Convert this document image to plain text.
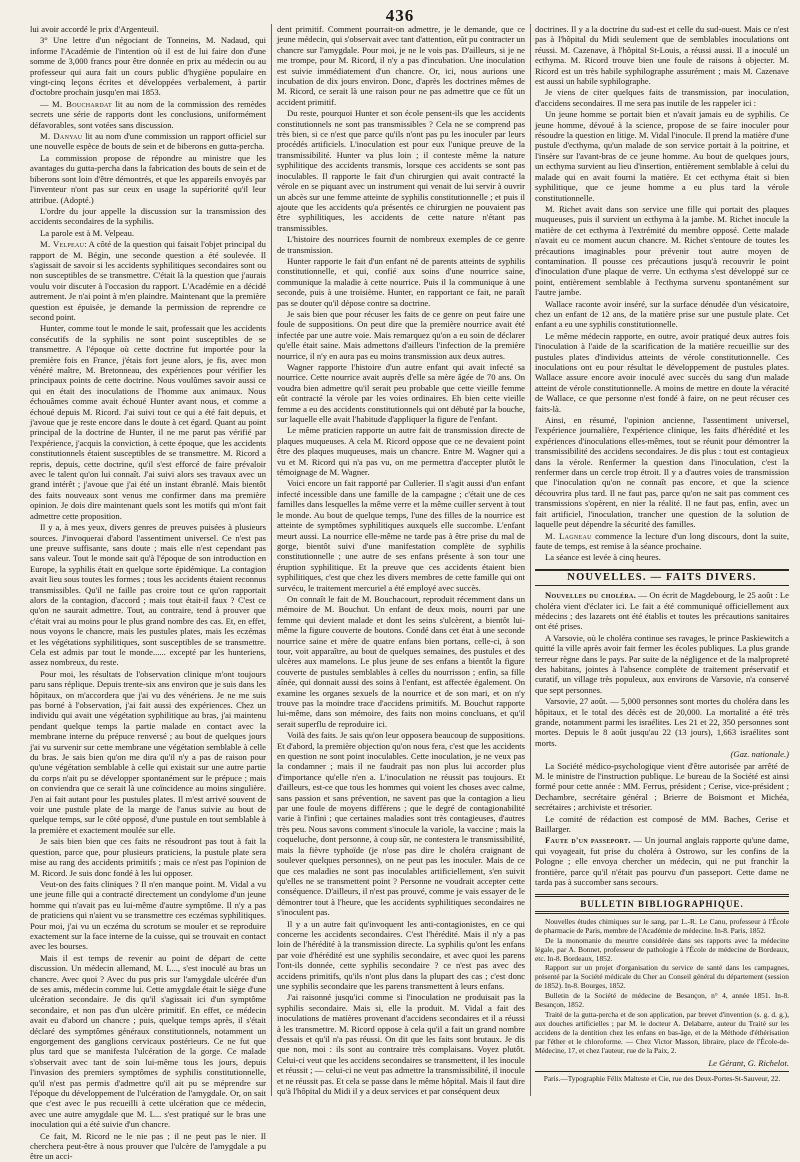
436

lui avoir accordé le prix d'Argenteuil.

3° Une lettre d'un négociant de Tonneins, M. Nadaud, qui informe l'Académie de l'intention où il est de lui faire don d'une somme de 3,000 francs pour être donnée en prix au médecin ou au professeur qui aura fait un cours public d'hygiène populaire en vingt-cinq leçons écrites et développées verbalement, à partir d'octobre prochain jusqu'en mai 1853.

— M. Bouchardat lit au nom de la commission des remèdes secrets une série de rapports dont les conclusions, uniformément défavorables, sont votées sans discussion.

M. Danyau lit au nom d'une commission un rapport officiel sur une nouvelle espèce de bouts de sein et de biberons en gutta-percha.

La commission propose de répondre au ministre que les avantages du gutta-percha dans la fabrication des bouts de sein et de biberons sont loin d'être démontrés, et que les appareils envoyés par l'inventeur n'ont pas sur ceux en usage la supériorité qu'il leur attribue. (Adopté.)

L'ordre du jour appelle la discussion sur la transmission des accidents secondaires de la syphilis.

La parole est à M. Velpeau.

M. Velpeau: A côté de la question qui faisait l'objet principal du rapport de M. Bégin, une seconde question a été soulevée. Il s'agissait de savoir si les accidents syphilitiques secondaires sont ou non susceptibles de se transmettre. C'était là la question que j'aurais voulu voir discuter à l'occasion du rapport. L'Académie en a décidé autrement. Je n'ai point à m'en plaindre. Maintenant que la première question est épuisée, je demande la permission de reprendre ce second point.

Hunter, comme tout le monde le sait, professait que les accidents consécutifs de la syphilis ne sont point susceptibles de se transmettre. A l'époque où cette doctrine fut importée pour la première fois en France, j'étais fort jeune alors, je fis, avec mon vénéré maître, M. Bretonneau, des expériences pour vérifier les principaux points de cette doctrine. Nous voulûmes savoir aussi ce qui en était des inoculations de l'homme aux animaux. Nous échouâmes comme avait échoué Hunter avant nous, et comme a échoué depuis M. Ricord. J'ai suivi tout ce qui a été fait depuis, et j'avoue que je reste encore dans le doute à cet égard. Quant au point principal de la doctrine de Hunter, il ne me parut pas vérifié par l'expérience, j'acquis la conviction, à cette époque, que les accidents constitutionnels étaient susceptibles de se transmettre. M. Ricord a repris, depuis, cette doctrine, qu'il s'est efforcé de faire prévaloir avec le talent qu'on lui connaît. J'ai suivi alors ses travaux avec un grand intérêt ; j'avoue que j'ai été un instant ébranlé. Mais bientôt des faits nouveaux sont venus me confirmer dans ma première opinion. Je dois dire maintenant quels sont les motifs qui m'ont fait admettre cette proposition.

Il y a, à mes yeux, divers genres de preuves puisées à plusieurs sources. J'invoquerai d'abord l'assentiment universel. Ce n'est pas une preuve suffisante, sans doute ; mais elle n'est cependant pas sans valeur. Tout le monde sait qu'à l'époque de son introduction en Europe, la syphilis était en quelque sorte épidémique. La contagion avait lieu sous toutes les formes ; tous les accidents étaient reconnus transmissibles. Qu'il ne faille pas croire tout ce qu'on rapportait alors de la contagion, d'accord ; mais tout était-il faux ? C'est ce qu'on ne saurait admettre. Tout, au contraire, tend à prouver que c'était vrai au moins pour le plus grand nombre des cas. Et, en effet, nous voyons le chancre, mais les pustules plates, mais les eczémas et les végétations syphilitiques, sont susceptibles de se transmettre. Cela est admis par tout le monde...... excepté par les hunteriens, assez nombreux, du reste.

Pour moi, les résultats de l'observation clinique m'ont toujours paru sans réplique. Depuis trente-six ans environ que je suis dans les hôpitaux, on m'accordera que j'ai vu des vénériens. Je ne me suis pas borné à l'observation, j'ai fait aussi des expériences. Chez un individu qui avait une végétation syphilitique au bras, j'ai maintenu pendant quelque temps la partie malade en contact avec la membrane interne du prépuce renversé ; au bout de quelques jours j'ai vu survenir sur cette membrane une végétation semblable à celle du bras. Je sais bien qu'on me dira qu'il n'y a pas de raison pour qu'une végétation semblable à celle qui existait sur une autre partie du corps n'ait pu se développer spontanément sur le prépuce ; mais on conviendra que ce serait là une coïncidence au moins singulière. J'en ai fait autant pour les pustules plates. Il m'est arrivé souvent de voir une pustule plate de la marge de l'anus suivie au bout de quelque temps, sur le côté opposé, d'une pustule en tout semblable à la première et exactement moulée sur elle.

Je sais bien bien que ces faits ne résoudront pas tout à fait la question, parce que, pour plusieurs praticiens, la pustule plate sera mise au rang des accidents primitifs ; mais ce n'est pas l'opinion de M. Ricord. Je suis donc fondé à les lui opposer.

Veut-on des faits cliniques ? Il n'en manque point. M. Vidal a vu une jeune fille qui a contracté directement un condylome d'un jeune homme qui n'avait pas eu lui-même d'autre symptôme. Il n'y a pas de praticiens qui n'aient vu se transmettre ces eczémas syphilitiques. Pour moi, j'ai vu un eczéma du scrotum se mouler et se reproduire exactement sur la face interne de la cuisse, qui se trouvait en contact avec les bourses.

Mais il est temps de revenir au point de départ de cette discussion. Un médecin allemand, M. L..., s'est inoculé au bras un chancre. Avec quoi ? Avec du pus pris sur l'amygdale ulcérée d'un de ses amis, médecin comme lui. Cette amygdale était le siège d'une ulcération secondaire. Je dis qu'il s'agissait ici d'un symptôme secondaire, et non pas d'un ulcère primitif. En effet, ce médecin avait eu d'abord un chancre ; puis, quelque temps après, il s'était déclaré des symptômes généraux constitutionnels, notamment un engorgement des ganglions cervicaux postérieurs. Ce ne fut que plus tard que se manifesta l'ulcération de la gorge. Ce malade s'observait avec tant de soin lui-même tous les jours, depuis l'invasion des premiers symptômes de syphilis constitutionnelle, qu'il n'est pas permis d'admettre qu'il ait pu se méprendre sur l'époque du développement de l'ulcération de l'amygdale. Or, on sait que c'est avec le pus recueilli à cette ulcération que ce médecin, avec une autre amygdale que M. L... s'est pratiqué sur le bras une inoculation qui a été suivie d'un chancre.

Ce fait, M. Ricord ne le nie pas ; il ne peut pas le nier. Il cherchera peut-être à nous prouver que l'ulcère de l'amygdale a pu être un acci-

dent primitif. Comment pourrait-on admettre, je le demande, que ce jeune médecin, qui s'observait avec tant d'attention, eût pu contracter un chancre sur l'amygdale. Pour moi, je ne le vois pas. D'ailleurs, si je ne me trompe, pour M. Ricord, il n'y a pas d'incubation. Une inoculation est suivie immédiatement d'un chancre. Or, ici, nous aurions une incubation de dix jours environ. Donc, d'après les doctrines mêmes de M. Ricord, ce serait là une raison pour ne pas admettre que ce fût un accident primitif.

Du reste, pourquoi Hunter et son école pensent-ils que les accidents constitutionnels ne sont pas transmissibles ? Cela ne se comprend pas très bien, si ce n'est que parce qu'ils n'ont pas pu les inoculer par leurs procédés artificiels. L'inoculation est pour eux l'unique preuve de la transmissibilité. Hunter va plus loin ; il conteste même la nature syphilitique des accidents transmis, lorsque ces accidents se sont pas inoculables. Il rapporte le fait d'un chirurgien qui avait contracté la vérole en se piquant avec un instrument qui venait de lui servir à ouvrir un abcès sur une femme atteinte de syphilis constitutionnelle ; et puis il ajoute que les accidents qu'a présentés ce chirurgien ne pouvaient pas être syphilitiques, les accidents de cette nature n'étant pas transmissibles.

L'histoire des nourrices fournit de nombreux exemples de ce genre de transmission.

Hunter rapporte le fait d'un enfant né de parents atteints de syphilis constitutionnelle, et qui, confié aux soins d'une nourrice saine, communique la maladie à cette nourrice. Puis il la communique à une seconde, puis à une troisième. Hunter, en rapportant ce fait, ne paraît pas se douter qu'il dépose contre sa doctrine.

Je sais bien que pour récuser les faits de ce genre on peut faire une foule de suppositions. On peut dire que la première nourrice avait été infectée par une autre voie. Mais remarquez qu'on a eu soin de déclarer qu'elle était saine. Mais admettons d'ailleurs l'infection de la première nourrice, il n'y en aura pas eu moins transmission aux deux autres.

Wagner rapporte l'histoire d'un autre enfant qui avait infecté sa nourrice. Cette nourrice avait auprès d'elle sa mère âgée de 70 ans. On voudra bien admettre qu'il serait peu probable que cette vieille femme eût contracté la vérole par les voies ordinaires. Eh bien cette vieille femme a eu des accidents constitutionnels qui ont débuté par la bouche, sur laquelle elle avait l'habitude d'appliquer la figure de l'enfant.

Le même praticien rapporte un autre fait de transmission directe de plaques muqueuses. A cela M. Ricord oppose que ce ne devaient point être des plaques muqueuses, mais un chancre. Entre M. Wagner qui a vu et M. Ricord qui n'a pas vu, on me permettra d'accepter plutôt le témoignage de M. Wagner.

Voici encore un fait rapporté par Cullerier. Il s'agit aussi d'un enfant infecté incessible dans une famille de la campagne ; c'était une de ces familles dans lesquelles la même verre et la même cuiller servent à tout le monde. Au bout de quelque temps, l'une des filles de la nourrice est atteinte de symptômes syphilitiques auxquels elle succombe. L'enfant meurt aussi. La nourrice elle-même ne tarde pas à être prise du mal de gorge, bientôt suivi d'une manifestation complète de syphilis constitutionnelle ; une autre de ses enfans présente à son tour une éruption syphilitique. Et la preuve que ces accidents étaient bien syphilitiques, c'est que chez les divers membres de cette famille qui ont survécu, le traitement mercuriel a été employé avec succès.

On connaît le fait de M. Bouchacourt, reproduit récemment dans un mémoire de M. Bouchut. Un enfant de deux mois, nourri par une femme qui devient malade et dont les seins s'ulcèrent, a bientôt lui-même la figure couverte de boutons. Condé dans cet état à une seconde nourrice saine et mère de quatre enfans bien portans, celle-ci, à son tour, voit apparaître, au bout de quelques semaines, des pustules et des ulcères aux mamelons. Le plus jeune de ses enfans a bientôt la figure couverte de pustules semblables à celles du nourrisson ; enfin, sa fille aînée, qui donnait aussi des soins à l'enfant, est affectée également. On examine les organes sexuels de la nourrice et de son mari, et on n'y trouve pas la moindre trace d'accidens primitifs. M. Bouchut rapporte lui-même, dans son mémoire, des faits non moins concluans, et qu'il serait superflu de reproduire ici.

Voilà des faits. Je sais qu'on leur opposera beaucoup de suppositions. Et d'abord, la première objection qu'on nous fera, c'est que les accidents en question ne sont point inoculables. Cette inoculation, je ne veux pas la condamner ; mais il ne faudrait pas non plus lui accorder plus d'importance qu'elle n'en a. L'inoculation ne réussit pas toujours. Et d'ailleurs, est-ce que tous les hommes qui voient les choses avec calme, sans passion et sans prévention, ne savent pas que la contagion a lieu par une foule de moyens différens ; que le degré de contagionabilité varie à l'infini ; que certaines maladies sont très contagieuses, d'autres très peu. Nous savons comment s'inocule la variole, la vaccine ; mais la coqueluche, dont personne, à coup sûr, ne contestera le transmissibilité, mais la fièvre typhoïde (je n'ose pas dire le choléra craignant de soulever quelques personnes), on ne peut pas les inoculer. Mais de ce que ces maladies ne sont pas inoculables artificiellement, s'en suivit qu'elles ne se transmettent point ? Personne ne voudrait accepter cette conséquence. D'ailleurs, il n'est pas prouvé, comme je vais essayer de le démontrer tout à l'heure, que les accidents syphilitiques secondaires ne s'inoculent pas.

Il y a un autre fait qu'invoquent les anti-contagionistes, en ce qui concerne les accidents secondaires. C'est l'hérédité. Mais il n'y a pas loin de l'hérédité à la transmission directe. La syphilis qu'ont les enfans par voie d'hérédité est une syphilis secondaire, et avec quoi les parens l'ont-ils donnée, cette syphilis secondaire ? ce n'est pas avec des accidens primitifs, qu'ils n'ont plus dans la plupart des cas ; c'est donc une syphilis secondaire que les parens transmettent à leurs enfans.

J'ai raisonné jusqu'ici comme si l'inoculation ne produisait pas la syphilis secondaire. Mais si, elle la produit. M. Vidal a fait des inoculations de matières provenant d'accidens secondaires et il a réussi à les transmettre. M. Ricord oppose à cela qu'il a fait un grand nombre d'essais et qu'il n'a pas réussi. On dit que les faits sont brutaux. Je dis que non, moi : ils sont au contraire très complaisans. Voyez plutôt. Celui-ci veut que les accidens secondaires se transmettent, il les inocule et réussit ; — celui-ci ne veut pas admettre la transmissibilité, il inocule et ne réussit pas. Et cela se passe dans le même hôpital. Mais il faut dire qu'à l'hôpital du Midi il y a deux services et par conséquent deux

doctrines. Il y a la doctrine du sud-est et celle du sud-ouest. Mais ce n'est pas à l'hôpital du Midi seulement que de semblables inoculations ont réussi. M. Cazenave, à l'hôpital St-Louis, a réussi aussi. Il a inoculé un ecthyma. M. Ricord trouve bien une foule de raisons à objecter. M. Ricord est un très habile syphilographe assurément ; mais M. Cazenave est aussi un habile syphilographe.

Je viens de citer quelques faits de transmission, par inoculation, d'accidens secondaires. Il me sera pas inutile de les rappeler ici :

Un jeune homme se portait bien et n'avait jamais eu de syphilis. Ce jeune homme, dévoué à la science, propose de se faire inoculer pour résoudre la question en litige. M. Vidal l'inocule. Il prend la matière d'une pustule d'ecthyma, qu'un malade de son service portait à la poitrine, et l'insère sur l'avant-bras de ce jeune homme. Au bout de quelques jours, un ecthyma survient au lieu d'insertion, entièrement semblable à celui du malade qui en avait fourni la matière. Et cet ecthyma était si bien syphilitique, que ce jeune homme a eu plus tard la vérole constitutionnelle.

M. Richet avait dans son service une fille qui portait des plaques muqueuses, puis il survient un ecthyma à la jambe. M. Richet inocule la matière de cet ecthyma à l'extrémité du membre opposé. Cette malade n'avait eu ce moment aucun chancre. M. Richet s'entoure de toutes les précautions imaginables pour prévenir tout autre moyen de contamination. Il pousse ces précautions jusqu'à recouvrir le point d'inoculation d'une plaque de verre. Un ecthyma s'est développé sur ce point, entièrement semblable à l'ecthyma survenu spontanément sur l'autre jambe.

Wallace raconte avoir inséré, sur la surface dénudée d'un vésicatoire, chez un enfant de 12 ans, de la matière prise sur une pustule plate. Cet enfant a eu une syphilis constitutionnelle.

Le même médecin rapporte, en outre, avoir pratiqué deux autres fois l'inoculation à l'aide de la scarification de la matière recueillie sur des pustules plates d'individus atteints de vérole constitutionnelle. Ces inoculations ont eu pour résultat le développement de pustules plates. Wallace assure encore avoir inoculé avec succès du sang d'un malade atteint de vérole constitutionnelle. A moins de mettre en doute la véracité de Wallace, ce que personne n'est fondé à faire, on ne peut récuser ces faits-là.

Ainsi, en résumé, l'opinion ancienne, l'assentiment universel, l'expérience journalière, l'expérience clinique, les faits d'hérédité et les expériences d'inoculations elles-mêmes, tout se réunit pour démontrer la transmissibilité des accidens secondaires. Je dis plus : tout est contagieux dans la vérole. Renfermer la question dans l'inoculation, c'est la renfermer dans un cercle trop étroit. Il y a d'autres voies de transmission que l'inoculation qu'on ne connaît pas encore, et que la science découvrira plus tard. Il ne faut pas, parce qu'on ne sait pas comment ces transmissions s'opèrent, en nier la réalité. Il ne faut pas, enfin, avec un fait artificiel, l'inoculation, trancher une question de la solution de laquelle peut dépendre la sécurité des familles.

M. Lagneau commence la lecture d'un long discours, dont la suite, faute de temps, est remise à la séance prochaine.

La séance est levée à cinq heures.

NOUVELLES. — FAITS DIVERS.

Nouvelles du choléra. — On écrit de Magdebourg, le 25 août : Le choléra vient d'éclater ici. Le fait a été communiqué officiellement aux médecins ; des lazarets ont été établis et toutes les précautions sanitaires ont été prises.

A Varsovie, où le choléra continue ses ravages, le prince Paskiewitch a quitté la ville après avoir fait fermer les écoles publiques. La plus grande terreur règne dans le pays. Par suite de la négligence et de la malpropreté des habitans, jointes à l'absence complète de traitement préservatif et curatif, un village très populeux, aux environs de Varsovie, n'a conservé que sept personnes.

Varsovie, 27 août. — 5,000 personnes sont mortes du choléra dans les hôpitaux, et le total des décès est de 20,000. La mortalité a été très grande, notamment parmi les israélites. Les 21 et 22, 350 personnes sont mortes. Depuis le 8 août jusqu'au 22 (13 jours), 1,663 israélites sont morts.

(Gaz. nationale.)

La Société médico-psychologique vient d'être autorisée par arrêté de M. le ministre de l'instruction publique. Le bureau de la Société est ainsi formé pour cette année : MM. Ferrus, président ; Cerise, vice-président ; Dechambre, secrétaire général ; Brierre de Boismont et Michéa, secrétaires ; archiviste et trésorier.

Le comité de rédaction est composé de MM. Baches, Cerise et Baillarger.

Faute d'un passeport. — Un journal anglais rapporte qu'une dame, qui voyageait, fut prise du choléra à Ostrowo, sur les confins de la Pologne ; elle envoya chercher un médecin, qui ne put franchir la frontière, parce qu'il n'était pas pourvu d'un passeport. Cette dame ne tarda pas à succomber sans secours.

BULLETIN BIBLIOGRAPHIQUE.

Nouvelles études chimiques sur le sang, par L.-R. Le Canu, professeur à l'École de pharmacie de Paris, membre de l'Académie de médecine. In-8. Paris, 1852.

De la monomanie du meurtre considérée dans ses rapports avec la médecine légale, par A. Bonnet, professeur de pathologie à l'École de médecine de Bordeaux, etc. In-8. Bordeaux, 1852.

Rapport sur un projet d'organisation du service de santé dans les campagnes, présenté par la Société médicale du Cher au Conseil général du département (session de 1852). In-8. Bourges, 1852.

Bulletin de la Société de médecine de Besançon, n° 4, année 1851. In-8. Besançon, 1852.

Traité de la gutta-percha et de son application, par brevet d'invention (s. g. d. g.), aux douches artificielles ; par M. le docteur A. Delabarre, auteur du Traité sur les accidens de la dentition chez les enfans en bas-âge, et de la Méthode d'éthérisation par l'éther et le chloroforme. — Chez Victor Masson, libraire, place de l'École-de-Médecine, 17, et chez l'auteur, rue de la Paix, 2.

Le Gérant, G. Richelot.
Paris.—Typographie Félix Malteste et Cie, rue des Deux-Portes-St-Sauveur, 22.
